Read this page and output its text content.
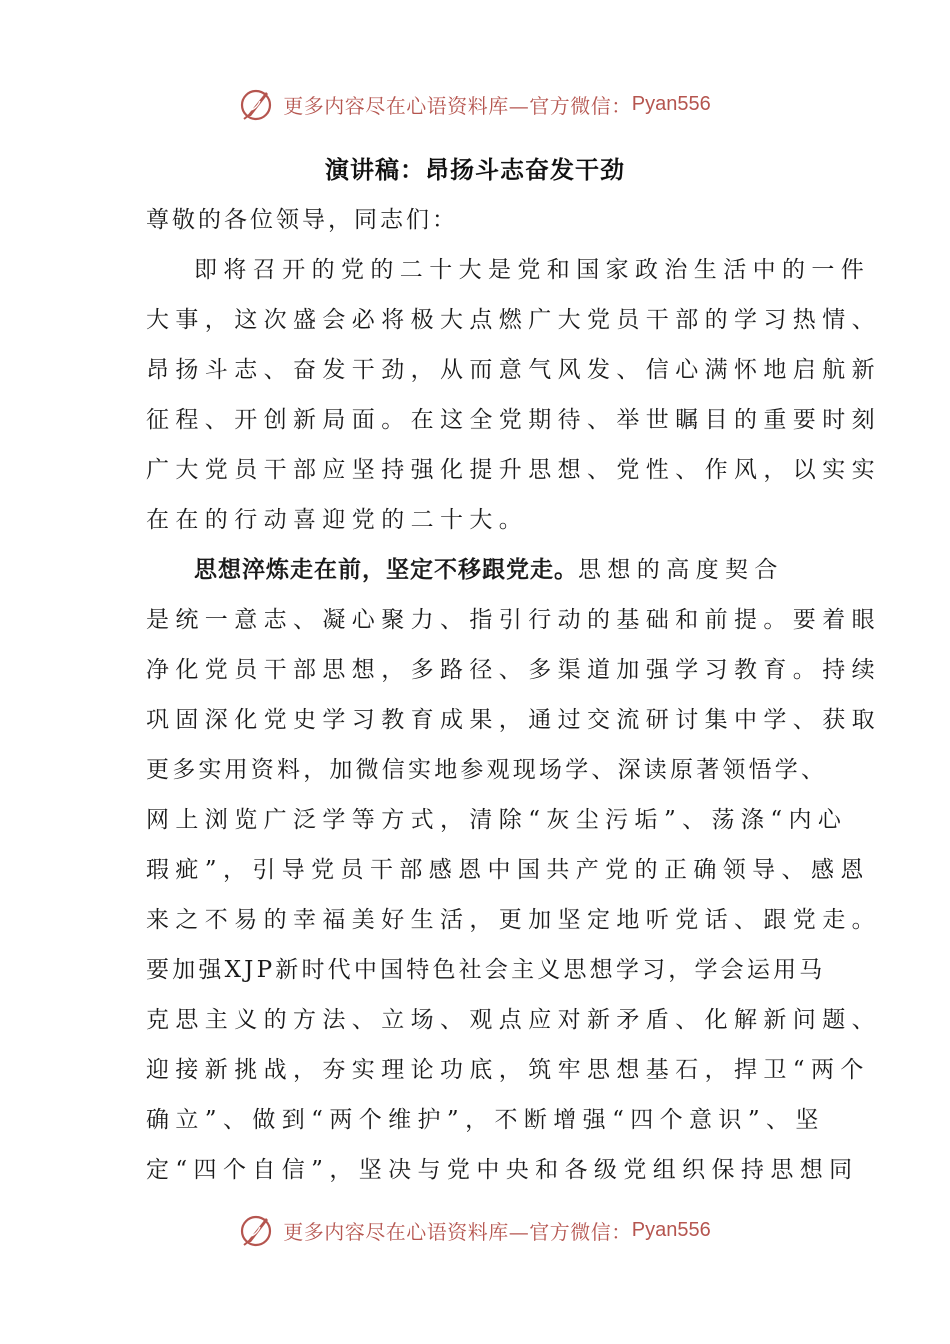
更多内容尽在心语资料库—官方微信： Pyan556
演讲稿：昂扬斗志奋发干劲
尊敬的各位领导，同志们：
即将召开的党的二十大是党和国家政治生活中的一件
大事，这次盛会必将极大点燃广大党员干部的学习热情、
昂扬斗志、奋发干劲，从而意气风发、信心满怀地启航新
征程、开创新局面。在这全党期待、举世瞩目的重要时刻
广大党员干部应坚持强化提升思想、党性、作风，以实实
在在的行动喜迎党的二十大。
思想淬炼走在前，坚定不移跟党走。思想的高度契合
是统一意志、凝心聚力、指引行动的基础和前提。要着眼
净化党员干部思想，多路径、多渠道加强学习教育。持续
巩固深化党史学习教育成果，通过交流研讨集中学、获取
更多实用资料，加微信实地参观现场学、深读原著领悟学、
网上浏览广泛学等方式，清除“灰尘污垢”、荡涤“内心
瑕疵”，引导党员干部感恩中国共产党的正确领导、感恩
来之不易的幸福美好生活，更加坚定地听党话、跟党走。
要加强XJP新时代中国特色社会主义思想学习，学会运用马
克思主义的方法、立场、观点应对新矛盾、化解新问题、
迎接新挑战，夯实理论功底，筑牢思想基石，捍卫“两个
确立”、做到“两个维护”，不断增强“四个意识”、坚
定“四个自信”，坚决与党中央和各级党组织保持思想同
更多内容尽在心语资料库—官方微信： Pyan556
